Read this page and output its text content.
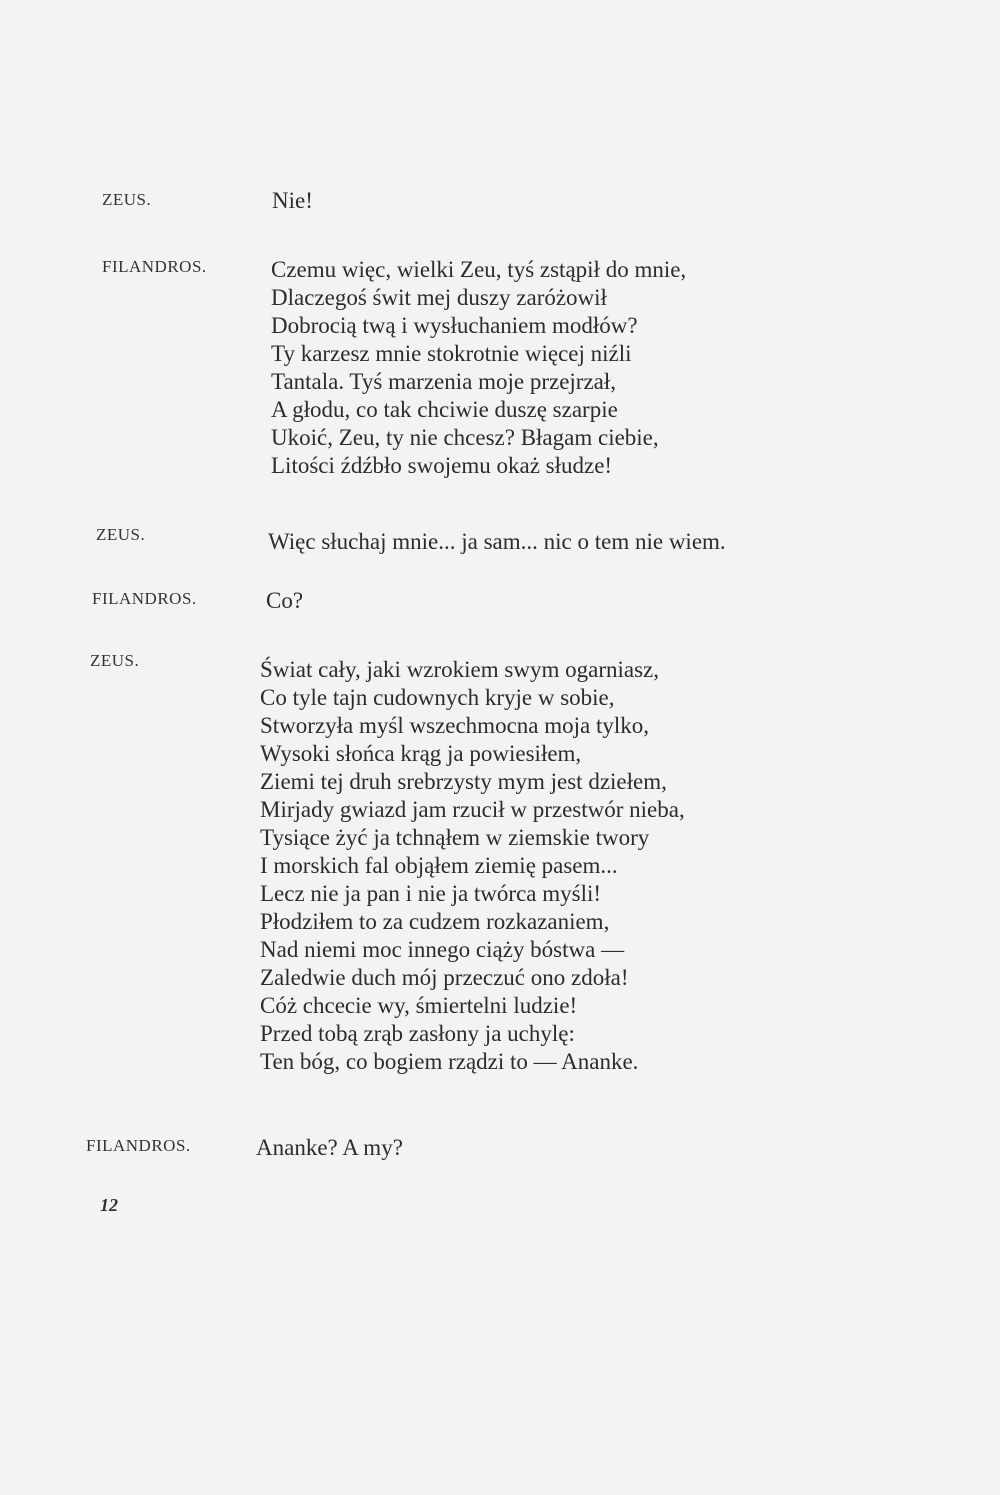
ZEUS.	Nie!
FILANDROS.	Czemu więc, wielki Zeu, tyś zstąpił do mnie,
Dlaczegoś świt mej duszy zaróżowił
Dobrocią twą i wysłuchaniem modłów?
Ty karzesz mnie stokrotnie więcej niźli
Tantala. Tyś marzenia moje przejrzał,
A głodu, co tak chciwie duszę szarpie
Ukoić, Zeu, ty nie chcesz? Błagam ciebie,
Litości źdźbło swojemu okaż słudze!
ZEUS.	Więc słuchaj mnie... ja sam... nic o tem nie wiem.
FILANDROS.	Co?
ZEUS.	Świat cały, jaki wzrokiem swym ogarniasz,
Co tyle tajn cudownych kryje w sobie,
Stworzyła myśl wszechmocna moja tylko,
Wysoki słońca krąg ja powiesiłem,
Ziemi tej druh srebrzysty mym jest dziełem,
Mirjady gwiazd jam rzucił w przestwór nieba,
Tysiące żyć ja tchnąłem w ziemskie twory
I morskich fal objąłem ziemię pasem...
Lecz nie ja pan i nie ja twórca myśli!
Płodziłem to za cudzem rozkazaniem,
Nad niemi moc innego ciąży bóstwa —
Zaledwie duch mój przeczuć ono zdoła!
Cóż chcecie wy, śmiertelni ludzie!
Przed tobą zrąb zasłony ja uchylę:
Ten bóg, co bogiem rządzi to — Ananke.
FILANDROS.	Ananke? A my?
12
